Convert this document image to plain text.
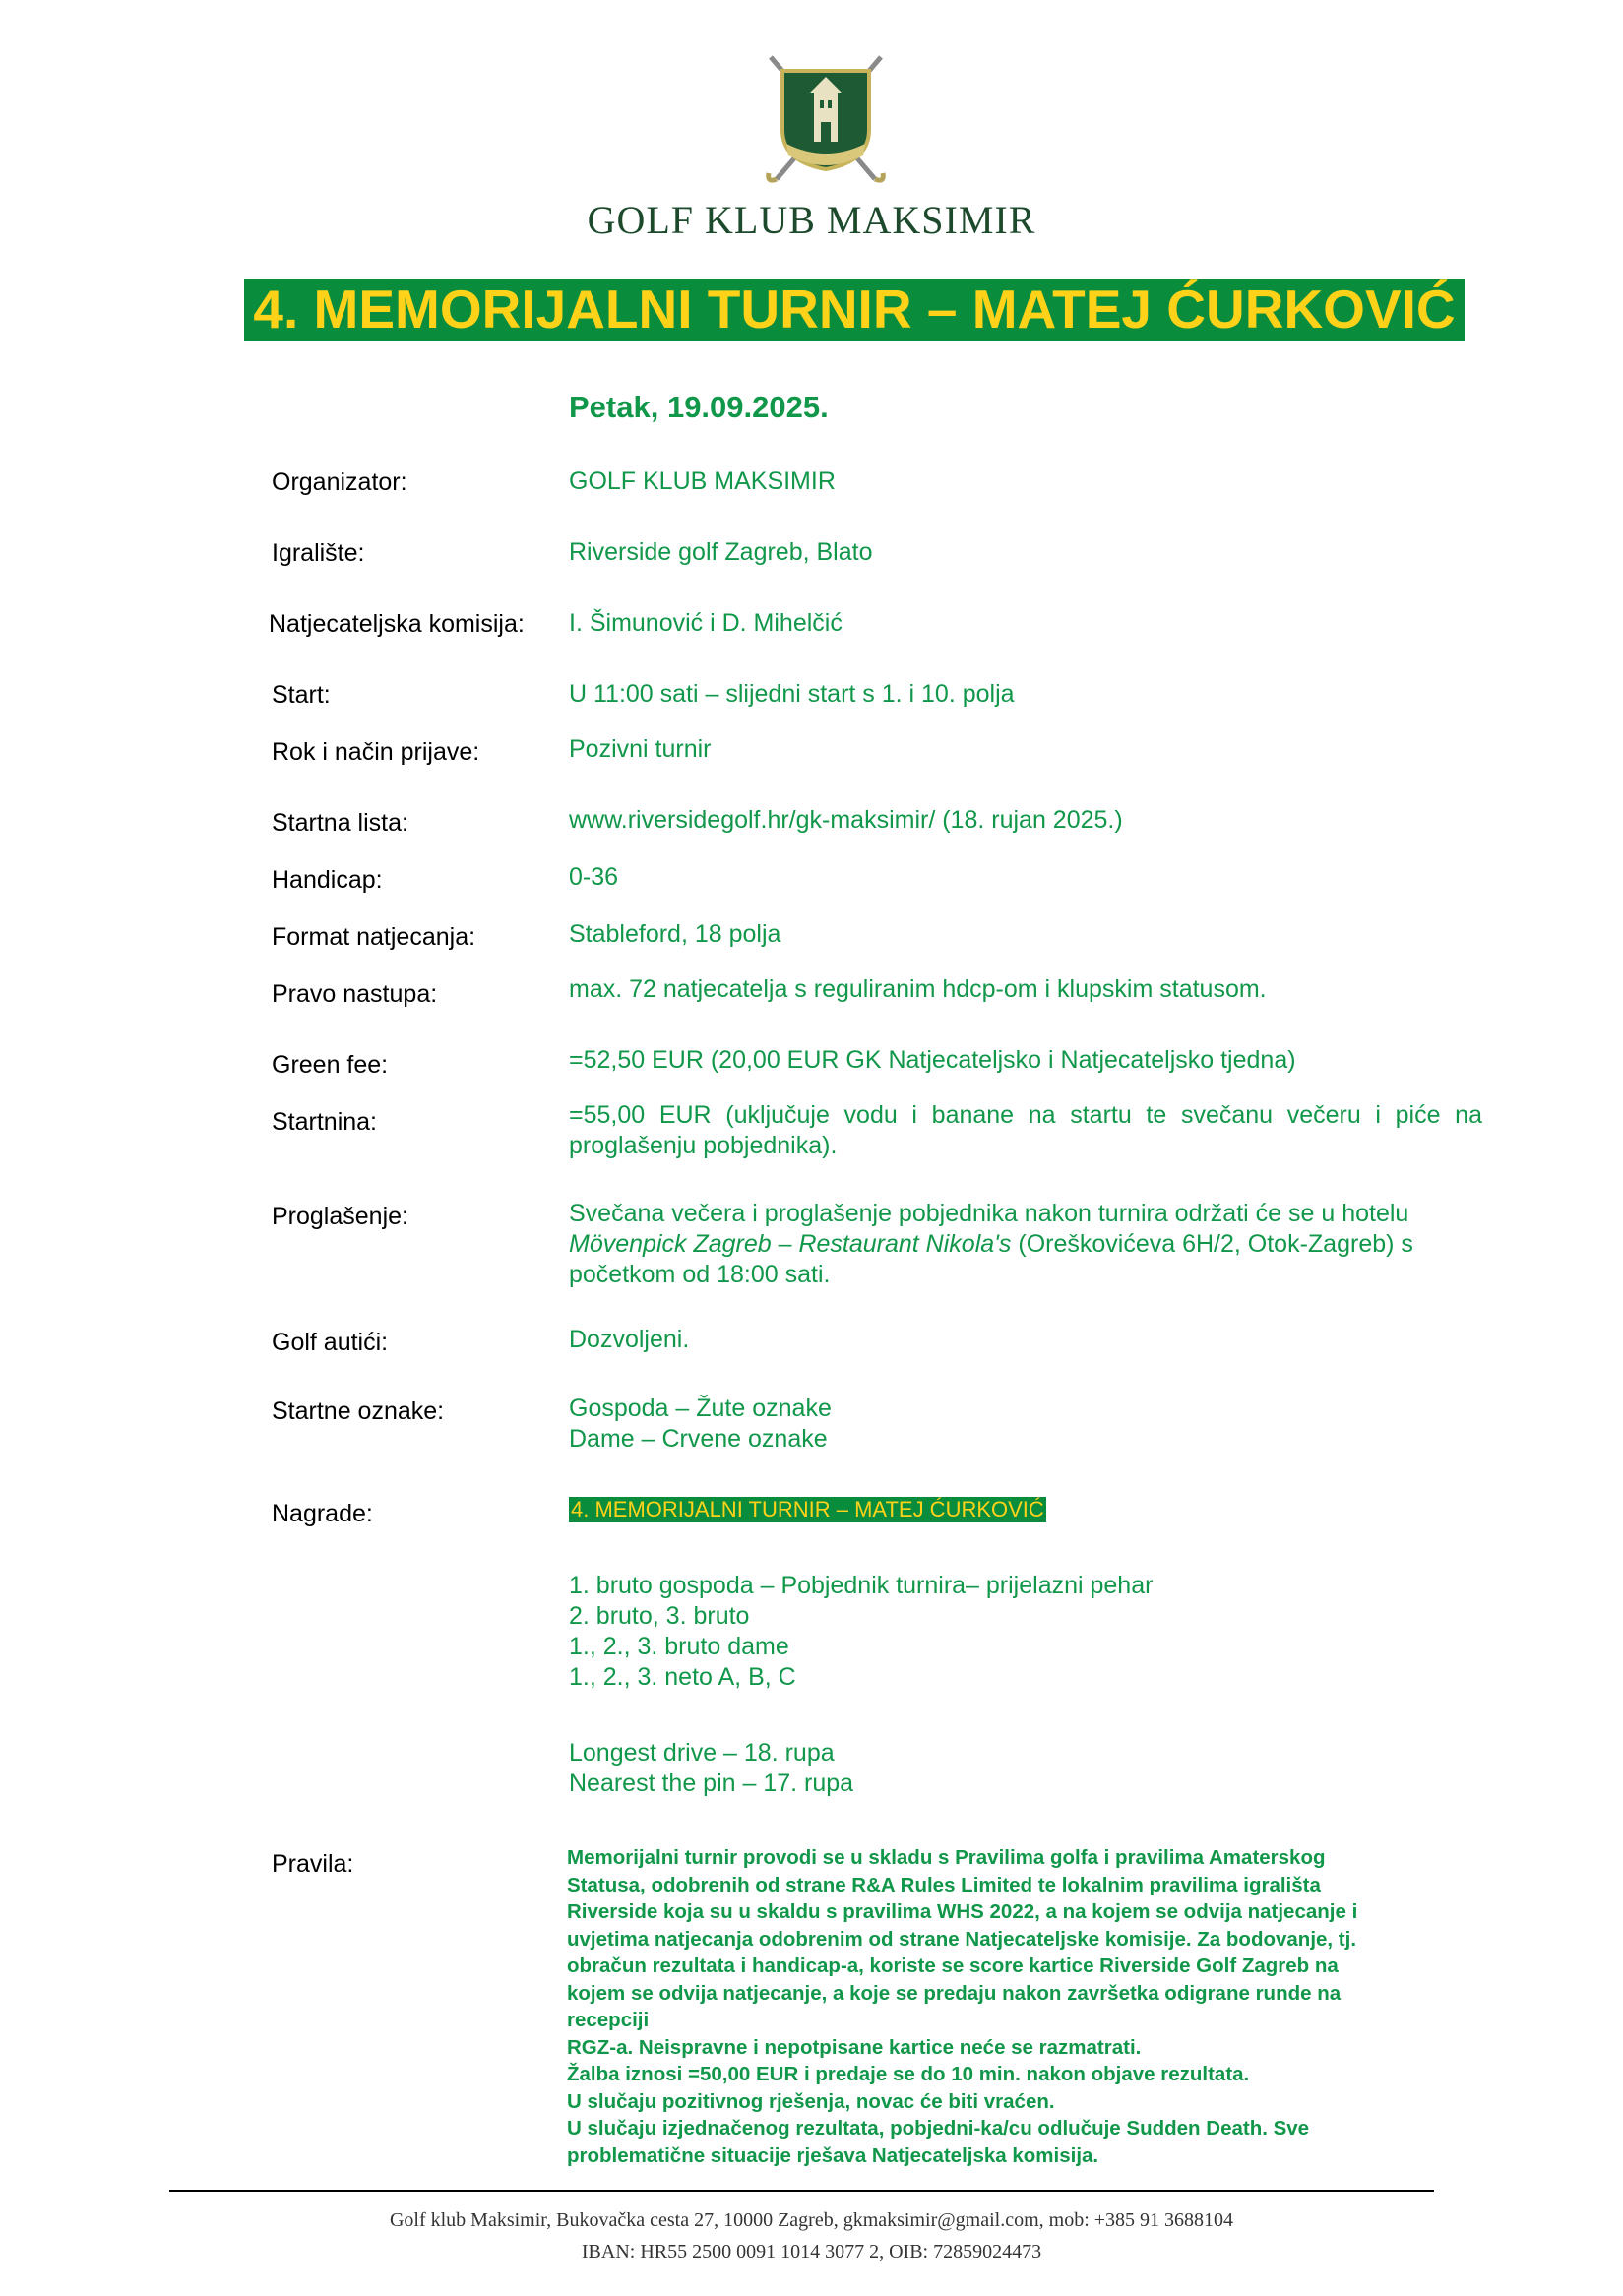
GOLF KLUB MAKSIMIR
4. MEMORIJALNI TURNIR – MATEJ ĆURKOVIĆ
Petak, 19.09.2025.
Organizator:	GOLF KLUB MAKSIMIR
Igralište:	Riverside golf Zagreb, Blato
Natjecateljska komisija: I. Šimunović i D. Mihelčić
Start:	U 11:00 sati – slijedni start s 1. i 10. polja
Rok i način prijave:	Pozivni turnir
Startna lista:	www.riversidegolf.hr/gk-maksimir/ (18. rujan 2025.)
Handicap:	0-36
Format natjecanja:	Stableford, 18 polja
Pravo nastupa:	max. 72 natjecatelja s reguliranim hdcp-om i klupskim statusom.
Green fee:	=52,50 EUR (20,00 EUR GK Natjecateljsko i Natjecateljsko tjedna)
Startnina:	=55,00 EUR (uključuje vodu i banane na startu te svečanu večeru i piće na proglašenju pobjednika).
Proglašenje:	Svečana večera i proglašenje pobjednika nakon turnira održati će se u hotelu
Mövenpick Zagreb – Restaurant Nikola's (Oreškovićeva 6H/2, Otok-Zagreb) s
početkom od 18:00 sati.
Golf autići:	Dozvoljeni.
Startne oznake:	Gospoda – Žute oznake
Dame – Crvene oznake
Nagrade:	4. MEMORIJALNI TURNIR – MATEJ ĆURKOVIĆ
1. bruto gospoda – Pobjednik turnira– prijelazni pehar
2. bruto, 3. bruto
1., 2., 3. bruto dame
1., 2., 3. neto A, B, C
Longest drive – 18. rupa
Nearest the pin – 17. rupa
Pravila:	Memorijalni turnir provodi se u skladu s Pravilima golfa i pravilima Amaterskog
Statusa, odobrenih od strane R&A Rules Limited te lokalnim pravilima igrališta
Riverside koja su u skaldu s pravilima WHS 2022, a na kojem se odvija natjecanje i
uvjetima natjecanja odobrenim od strane Natjecateljske komisije. Za bodovanje, tj.
obračun rezultata i handicap-a, koriste se score kartice Riverside Golf Zagreb na
kojem se odvija natjecanje, a koje se predaju nakon završetka odigrane runde na
recepciji
RGZ-a. Neispravne i nepotpisane kartice neće se razmatrati.
Žalba iznosi =50,00 EUR i predaje se do 10 min. nakon objave rezultata.
U slučaju pozitivnog rješenja, novac će biti vraćen.
U slučaju izjednačenog rezultata, pobjedni-ka/cu odlučuje Sudden Death. Sve
problematične situacije rješava Natjecateljska komisija.
Golf klub Maksimir, Bukovačka cesta 27, 10000 Zagreb, gkmaksimir@gmail.com, mob: +385 91 3688104
IBAN: HR55 2500 0091 1014 3077 2, OIB: 72859024473
